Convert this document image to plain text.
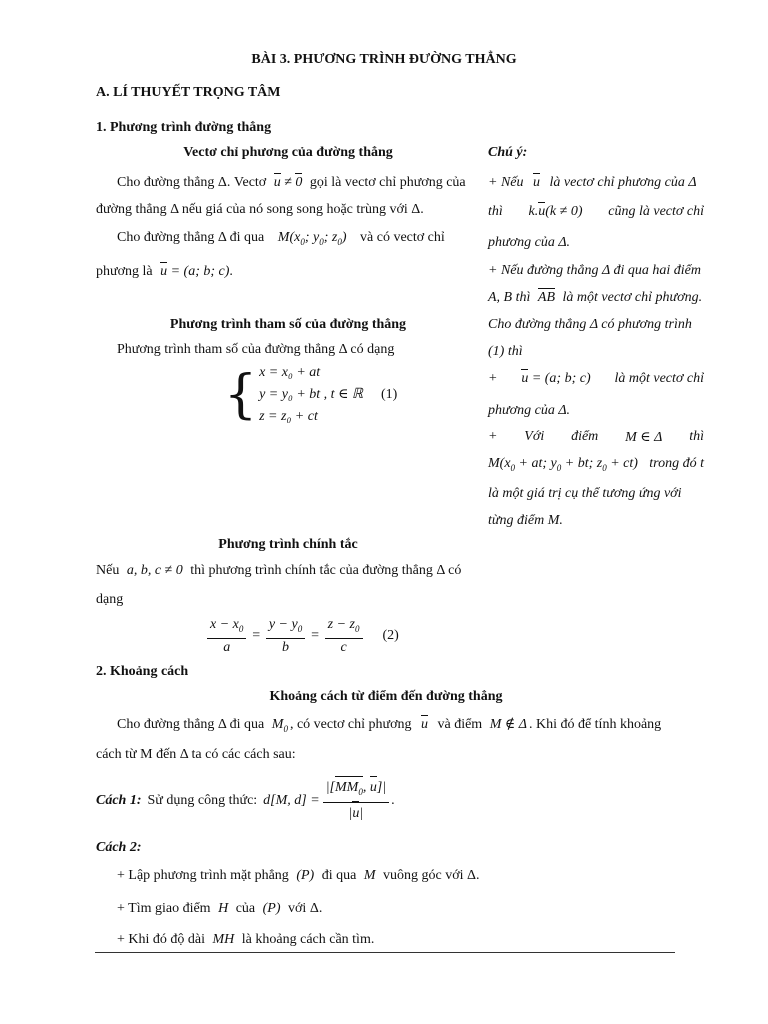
BÀI 3. PHƯƠNG TRÌNH ĐƯỜNG THẲNG
A. LÍ THUYẾT TRỌNG TÂM
1. Phương trình đường thẳng
Vectơ chỉ phương của đường thẳng
Cho đường thẳng Δ. Vectơ u ≠ 0 gọi là vectơ chỉ phương của
đường thẳng Δ nếu giá của nó song song hoặc trùng với Δ.
Cho đường thẳng Δ đi qua $M(x_0$; $y_0$; $z_0$) và có vectơ chỉ
phương là u = (a; b; c).
Phương trình tham số của đường thẳng
Phương trình tham số của đường thẳng Δ có dạng
{ x = x₀ + at
y = y₀ + bt , t ∈ ℝ (1)
z = z₀ + ct
Phương trình chính tắc
Nếu a, b, c ≠ 0 thì phương trình chính tắc của đường thẳng Δ có
dạng
$\frac{x - x_0}{a} = \frac{y - y_0}{b} = \frac{z - z_0}{c} (2)$
Chú ý:
+ Nếu u là vectơ chỉ phương của Δ
thì k.u(k ≠ 0) cũng là vectơ chỉ
phương của Δ.
+ Nếu đường thẳng Δ đi qua hai điểm
A, B thì AB là một vectơ chỉ phương.
Cho đường thẳng Δ có phương trình
(1) thì
+ u = (a; b; c) là một vectơ chỉ
phương của Δ.
+ Với điểm M ∈ Δ thì
$M(x_0$ + at; $y_0$ + bt; $z_0 + ct$) trong đó t
là một giá trị cụ thể tương ứng với
từng điểm M.
2. Khoảng cách
Khoảng cách từ điểm đến đường thẳng
Cho đường thẳng Δ đi qua $M_0$ , có vectơ chỉ phương u và điểm M ∉ Δ . Khi đó để tính khoảng
cách từ M đến Δ ta có các cách sau:
Cách 1: Sử dụng công thức: d[M, $d] = \frac{|[MM_0, u]|}{|u|}$ .
Cách 2:
+ Lập phương trình mặt phẳng (P) đi qua M vuông góc với Δ.
+ Tìm giao điểm H của (P) với Δ.
+ Khi đó độ dài MH là khoảng cách cần tìm.
